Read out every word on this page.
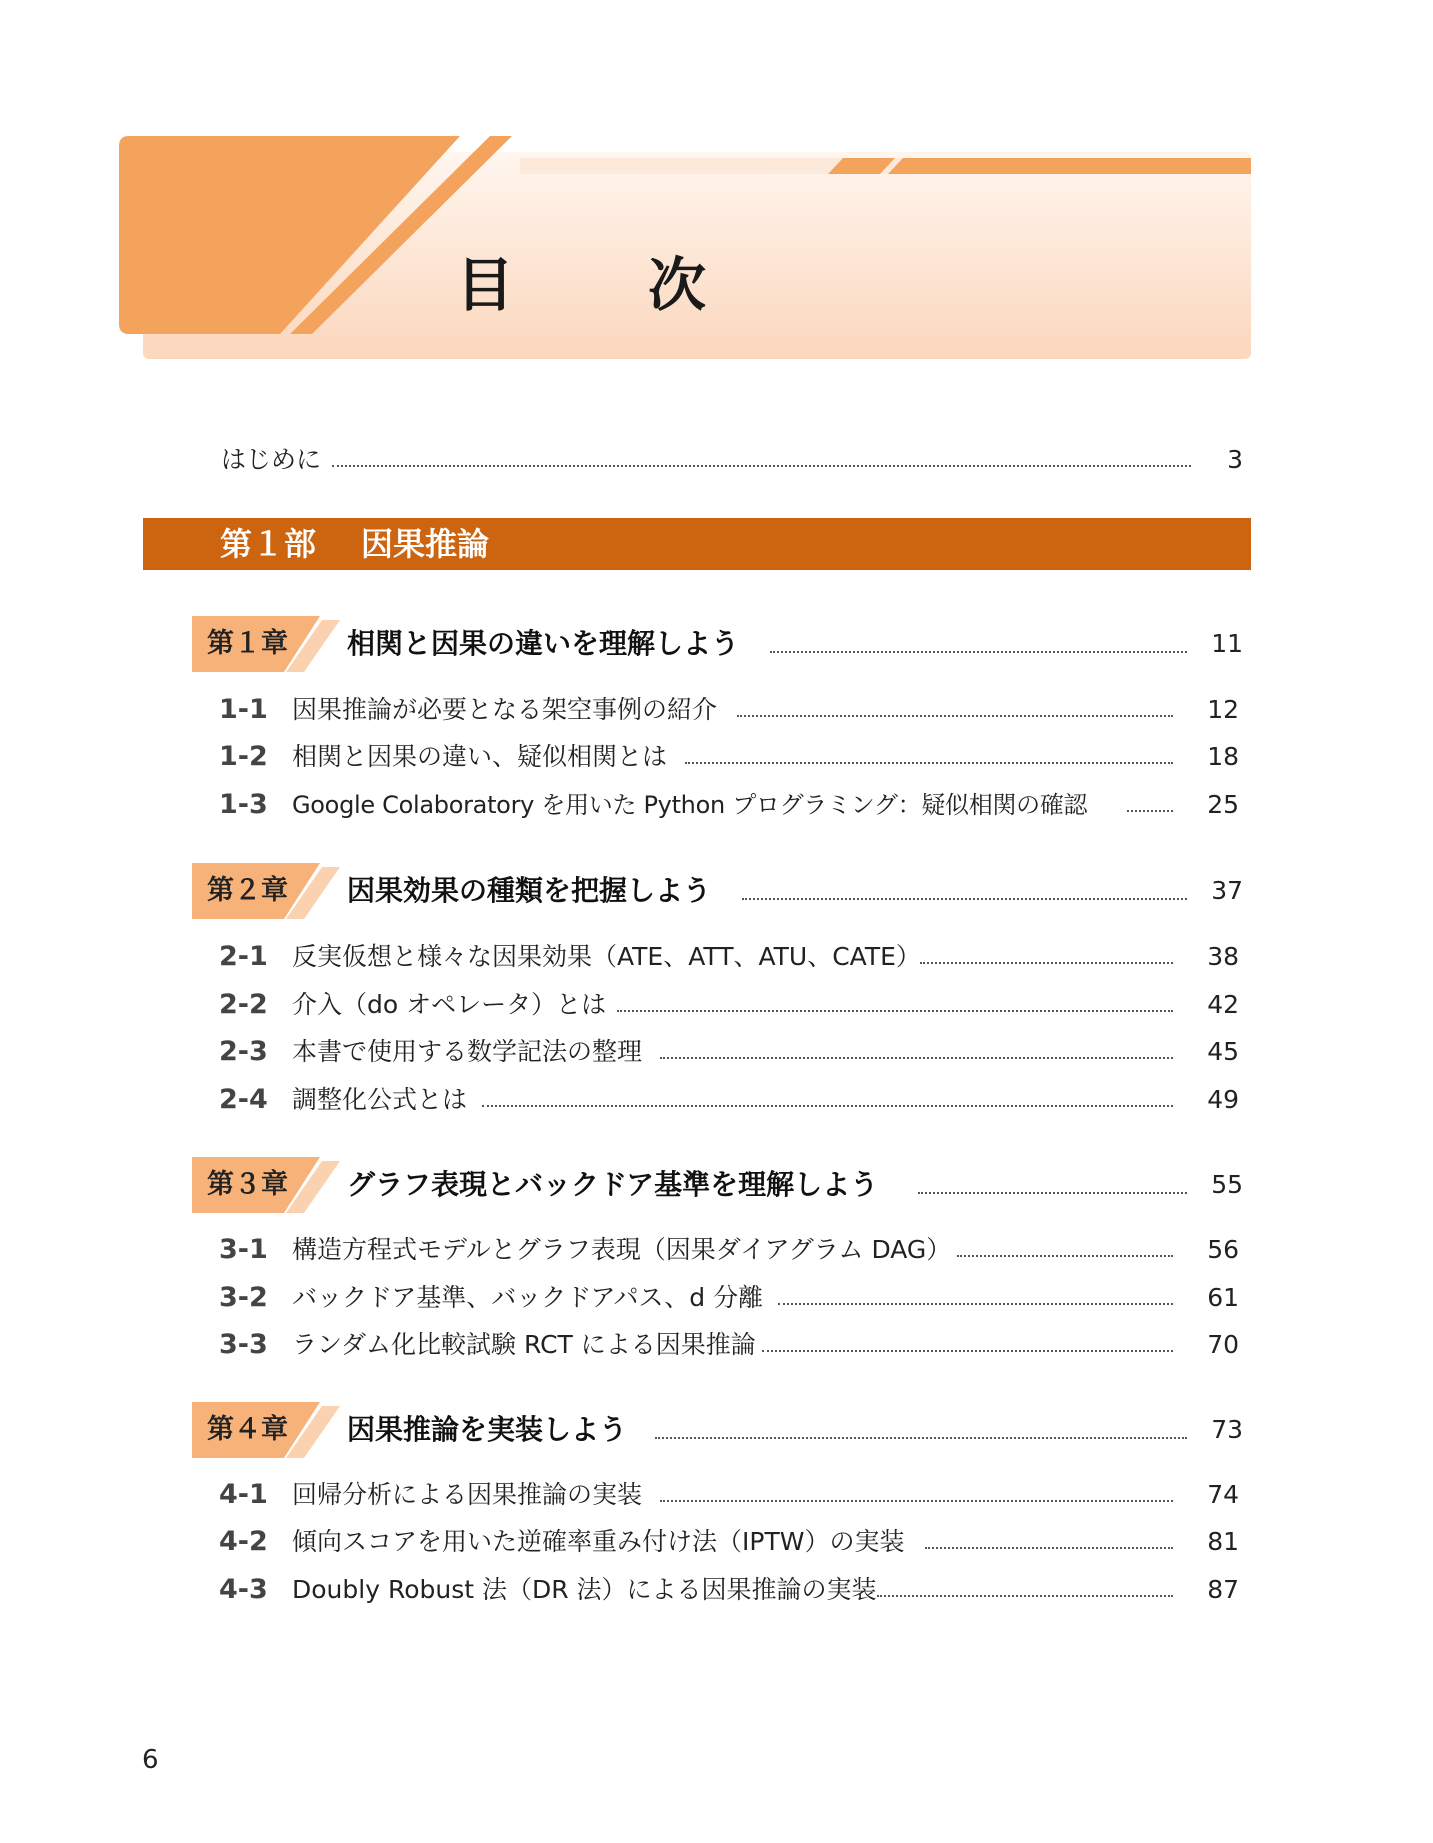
目　次
はじめに	3
第１部 因果推論
第１章 相関と因果の違いを理解しよう	11
1-1 因果推論が必要となる架空事例の紹介	12
1-2 相関と因果の違い、疑似相関とは	18
1-3 Google Colaboratory を用いた Python プログラミング：疑似相関の確認	25
第２章 因果効果の種類を把握しよう	37
2-1 反実仮想と様々な因果効果（ATE、ATT、ATU、CATE）	38
2-2 介入（do オペレータ）とは	42
2-3 本書で使用する数学記法の整理	45
2-4 調整化公式とは	49
第３章 グラフ表現とバックドア基準を理解しよう	55
3-1 構造方程式モデルとグラフ表現（因果ダイアグラム DAG）	56
3-2 バックドア基準、バックドアパス、d 分離	61
3-3 ランダム化比較試験 RCT による因果推論	70
第４章 因果推論を実装しよう	73
4-1 回帰分析による因果推論の実装	74
4-2 傾向スコアを用いた逆確率重み付け法（IPTW）の実装	81
4-3 Doubly Robust 法（DR 法）による因果推論の実装	87
6
